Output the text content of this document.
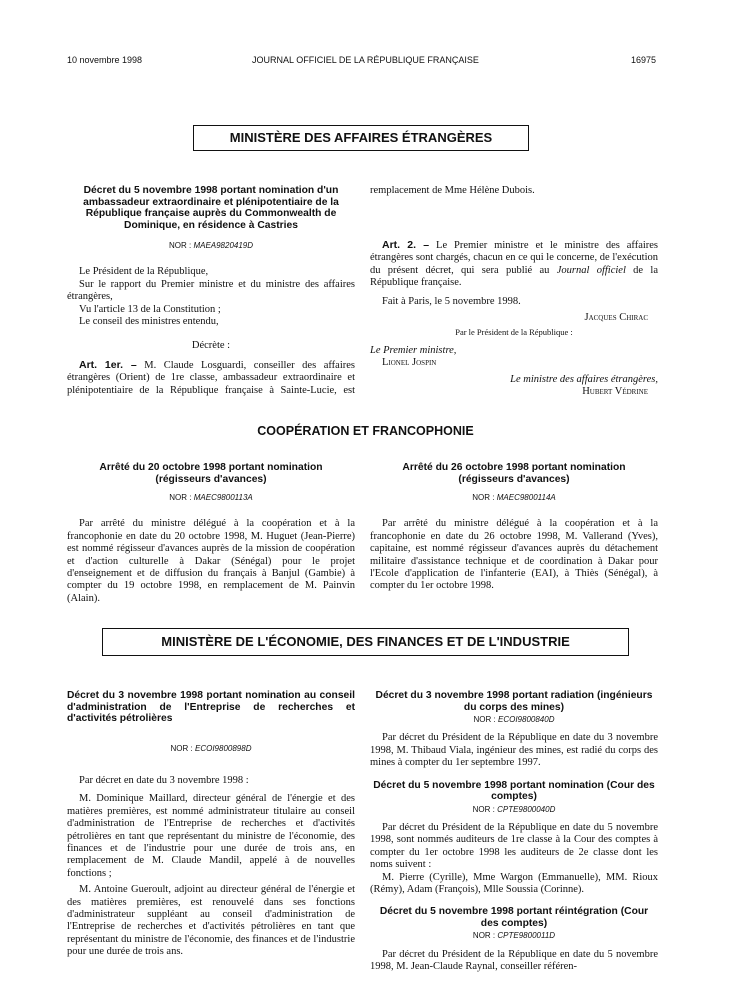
10 novembre 1998	JOURNAL OFFICIEL DE LA RÉPUBLIQUE FRANÇAISE	16975
MINISTÈRE DES AFFAIRES ÉTRANGÈRES
Décret du 5 novembre 1998 portant nomination d'un ambassadeur extraordinaire et plénipotentiaire de la République française auprès du Commonwealth de Dominique, en résidence à Castries
NOR : MAEA9820419D

Le Président de la République,

Sur le rapport du Premier ministre et du ministre des affaires étrangères,

Vu l'article 13 de la Constitution ;

Le conseil des ministres entendu,

Décrète :

Art. 1er. – M. Claude Losguardi, conseiller des affaires étrangères (Orient) de 1re classe, ambassadeur extraordinaire et plénipotentiaire de la République française à Sainte-Lucie, est

remplacement de Mme Hélène Dubois.

Art. 2. – Le Premier ministre et le ministre des affaires étrangères sont chargés, chacun en ce qui le concerne, de l'exécution du présent décret, qui sera publié au Journal officiel de la République française.

Fait à Paris, le 5 novembre 1998.

Jacques Chirac

Par le Président de la République :

Le Premier ministre,

Lionel Jospin

Le ministre des affaires étrangères,

Hubert Védrine

COOPÉRATION ET FRANCOPHONIE
Arrêté du 20 octobre 1998 portant nomination (régisseurs d'avances)
NOR : MAEC9800113A

Par arrêté du ministre délégué à la coopération et à la francophonie en date du 20 octobre 1998, M. Huguet (Jean-Pierre) est nommé régisseur d'avances auprès de la mission de coopération et d'action culturelle à Dakar (Sénégal) pour le projet d'enseignement et de diffusion du français à Banjul (Gambie) à compter du 19 octobre 1998, en remplacement de M. Painvin (Alain).

Arrêté du 26 octobre 1998 portant nomination (régisseurs d'avances)
NOR : MAEC9800114A

Par arrêté du ministre délégué à la coopération et à la francophonie en date du 26 octobre 1998, M. Vallerand (Yves), capitaine, est nommé régisseur d'avances auprès du détachement militaire d'assistance technique et de coordination à Dakar pour l'Ecole d'application de l'infanterie (EAI), à Thiès (Sénégal), à compter du 1er octobre 1998.

MINISTÈRE DE L'ÉCONOMIE, DES FINANCES ET DE L'INDUSTRIE
Décret du 3 novembre 1998 portant nomination au conseil d'administration de l'Entreprise de recherches et d'activités pétrolières
NOR : ECOI9800898D

Par décret en date du 3 novembre 1998 :

M. Dominique Maillard, directeur général de l'énergie et des matières premières, est nommé administrateur titulaire au conseil d'administration de l'Entreprise de recherches et d'activités pétrolières en tant que représentant du ministre de l'économie, des finances et de l'industrie pour une durée de trois ans, en remplacement de M. Claude Mandil, appelé à de nouvelles fonctions ;

M. Antoine Gueroult, adjoint au directeur général de l'énergie et des matières premières, est renouvelé dans ses fonctions d'administrateur suppléant au conseil d'administration de l'Entreprise de recherches et d'activités pétrolières en tant que représentant du ministre de l'économie, des finances et de l'industrie pour une durée de trois ans.

Décret du 3 novembre 1998 portant radiation (ingénieurs du corps des mines)
NOR : ECOI9800840D

Par décret du Président de la République en date du 3 novembre 1998, M. Thibaud Viala, ingénieur des mines, est radié du corps des mines à compter du 1er septembre 1997.

Décret du 5 novembre 1998 portant nomination (Cour des comptes)
NOR : CPTE9800040D

Par décret du Président de la République en date du 5 novembre 1998, sont nommés auditeurs de 1re classe à la Cour des comptes à compter du 1er octobre 1998 les auditeurs de 2e classe dont les noms suivent :

M. Pierre (Cyrille), Mme Wargon (Emmanuelle), MM. Rioux (Rémy), Adam (François), Mlle Soussia (Corinne).

Décret du 5 novembre 1998 portant réintégration (Cour des comptes)
NOR : CPTE9800011D

Par décret du Président de la République en date du 5 novembre 1998, M. Jean-Claude Raynal, conseiller référen-
